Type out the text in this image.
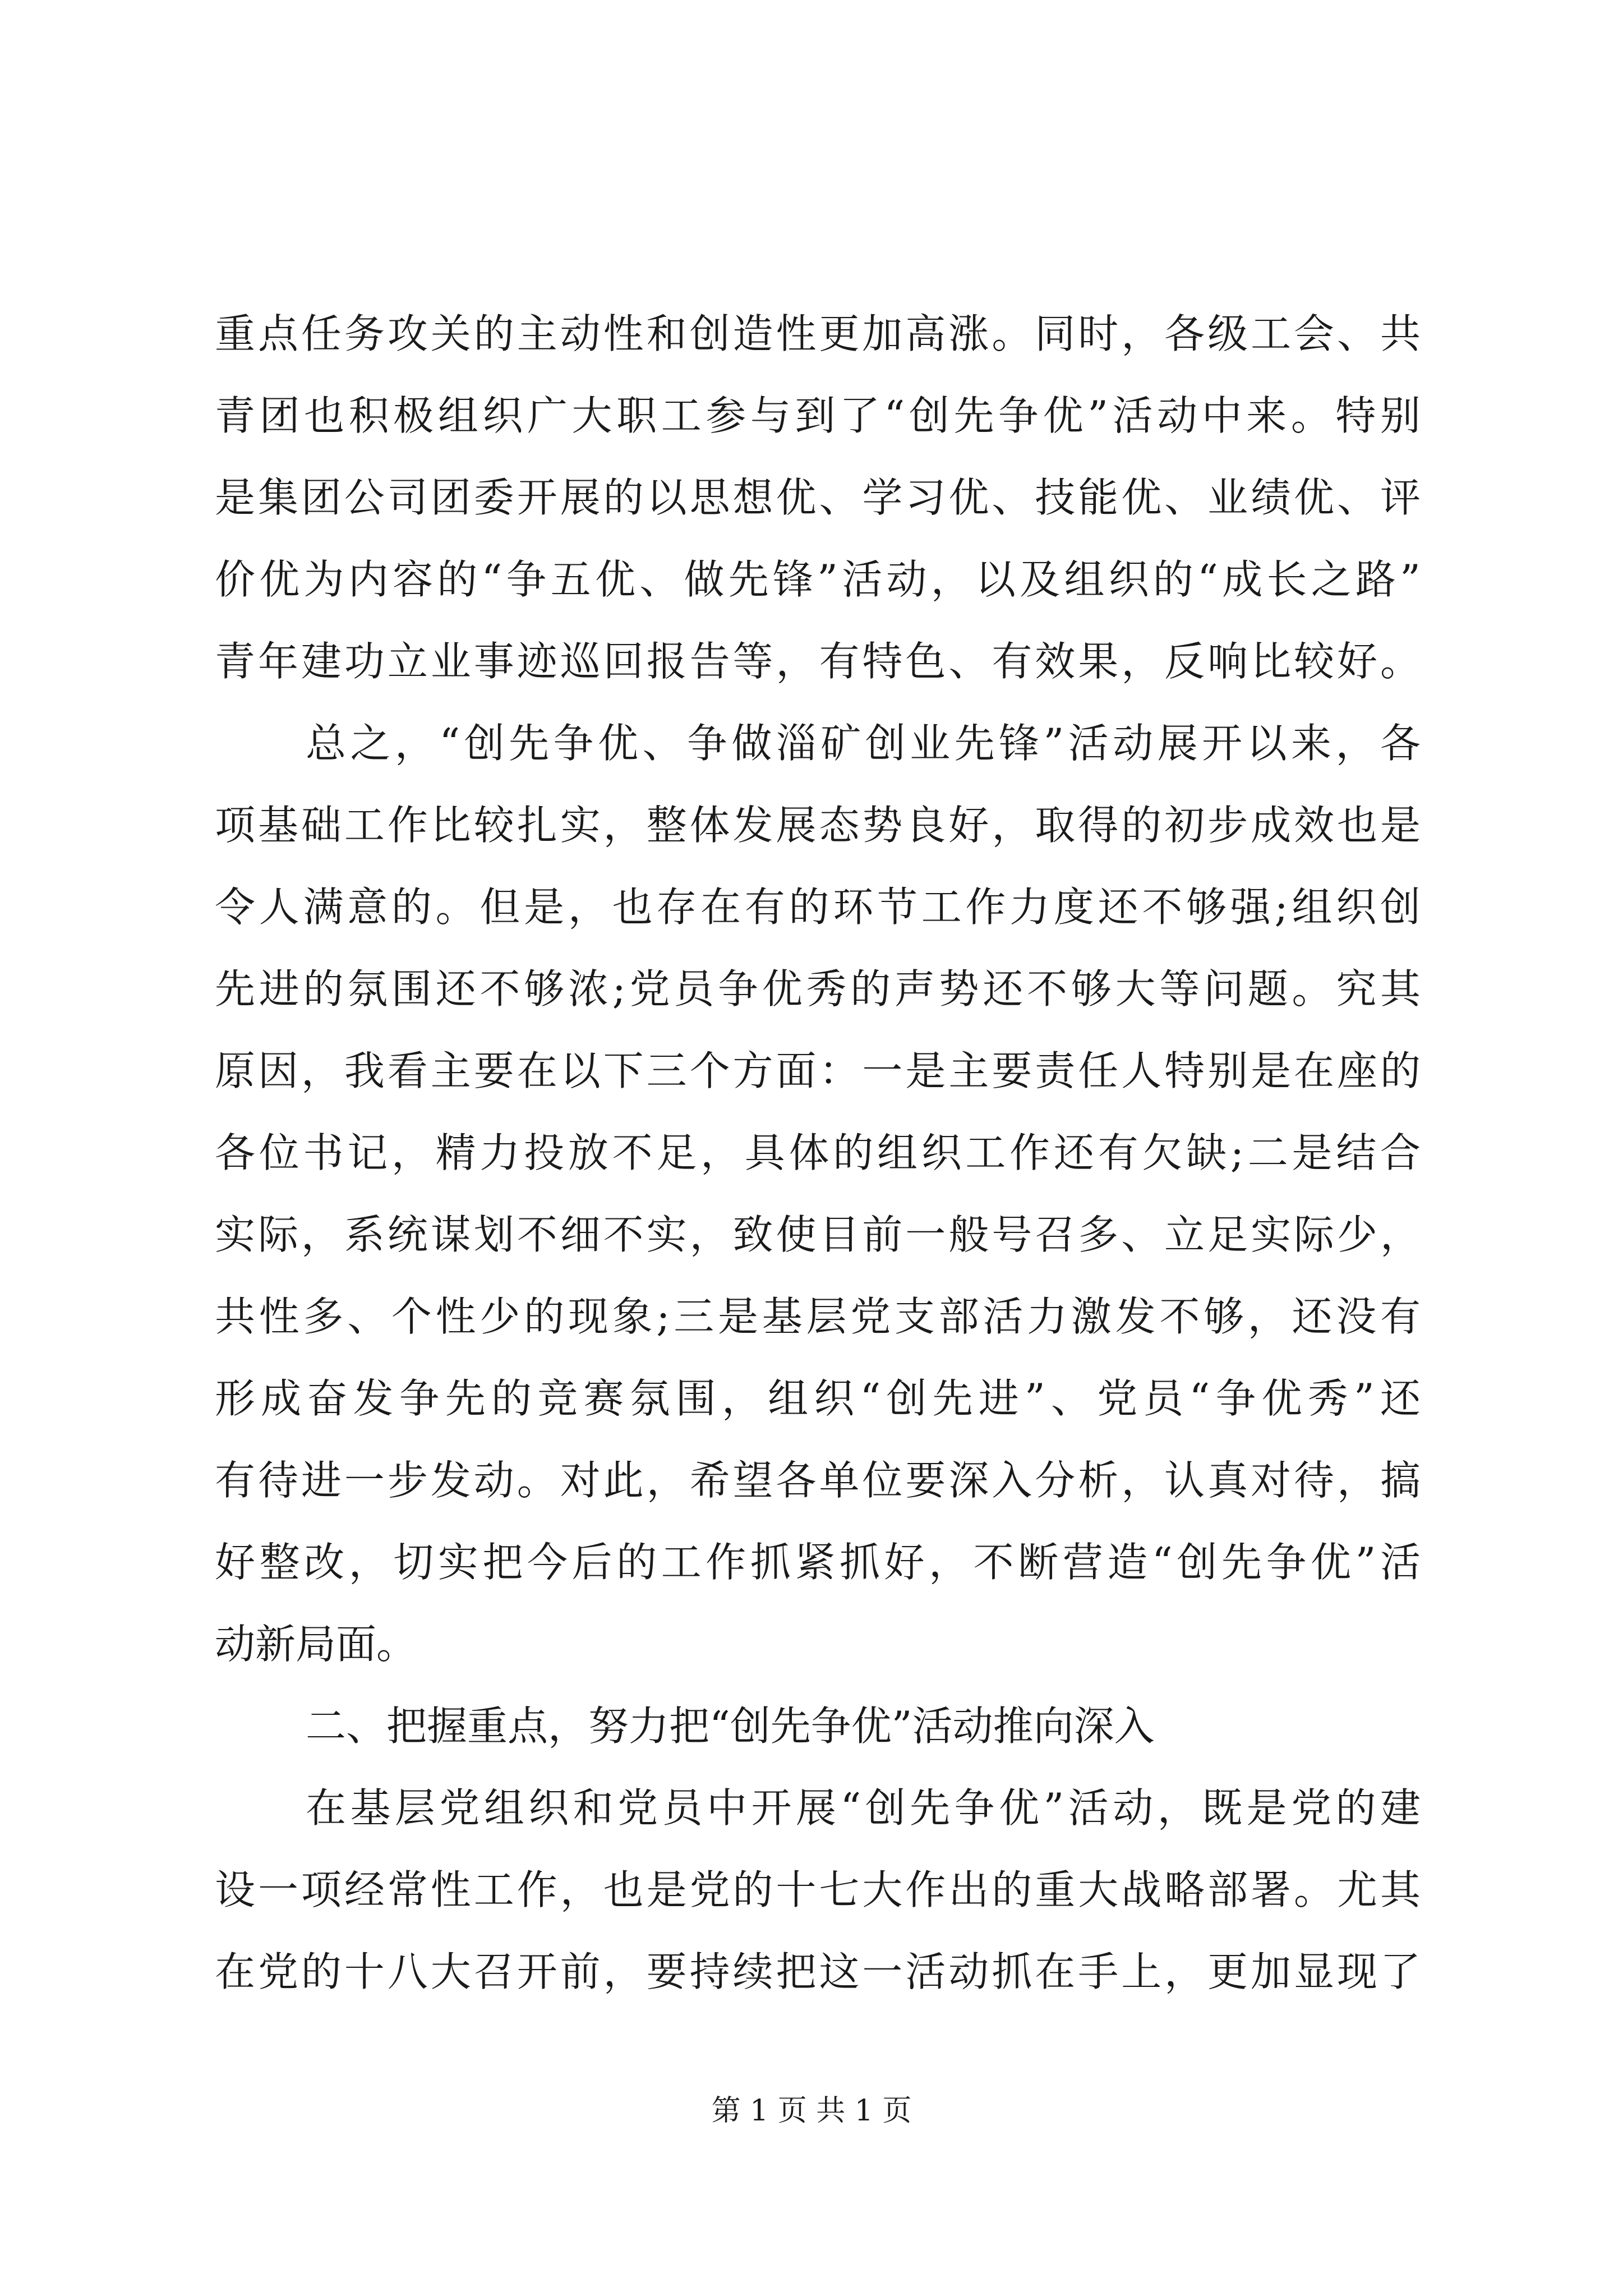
重点任务攻关的主动性和创造性更加高涨。同时，各级工会、共
青团也积极组织广大职工参与到了“创先争优”活动中来。特别
是集团公司团委开展的以思想优、学习优、技能优、业绩优、评
价优为内容的“争五优、做先锋”活动，以及组织的“成长之路”
青年建功立业事迹巡回报告等，有特色、有效果，反响比较好。
总之，“创先争优、争做淄矿创业先锋”活动展开以来，各
项基础工作比较扎实，整体发展态势良好，取得的初步成效也是
令人满意的。但是，也存在有的环节工作力度还不够强;组织创
先进的氛围还不够浓;党员争优秀的声势还不够大等问题。究其
原因，我看主要在以下三个方面：一是主要责任人特别是在座的
各位书记，精力投放不足，具体的组织工作还有欠缺;二是结合
实际，系统谋划不细不实，致使目前一般号召多、立足实际少，
共性多、个性少的现象;三是基层党支部活力激发不够，还没有
形成奋发争先的竞赛氛围，组织“创先进”、党员“争优秀”还
有待进一步发动。对此，希望各单位要深入分析，认真对待，搞
好整改，切实把今后的工作抓紧抓好，不断营造“创先争优”活
动新局面。
二、把握重点，努力把“创先争优”活动推向深入
在基层党组织和党员中开展“创先争优”活动，既是党的建
设一项经常性工作，也是党的十七大作出的重大战略部署。尤其
在党的十八大召开前，要持续把这一活动抓在手上，更加显现了
第 1 页 共 1 页
